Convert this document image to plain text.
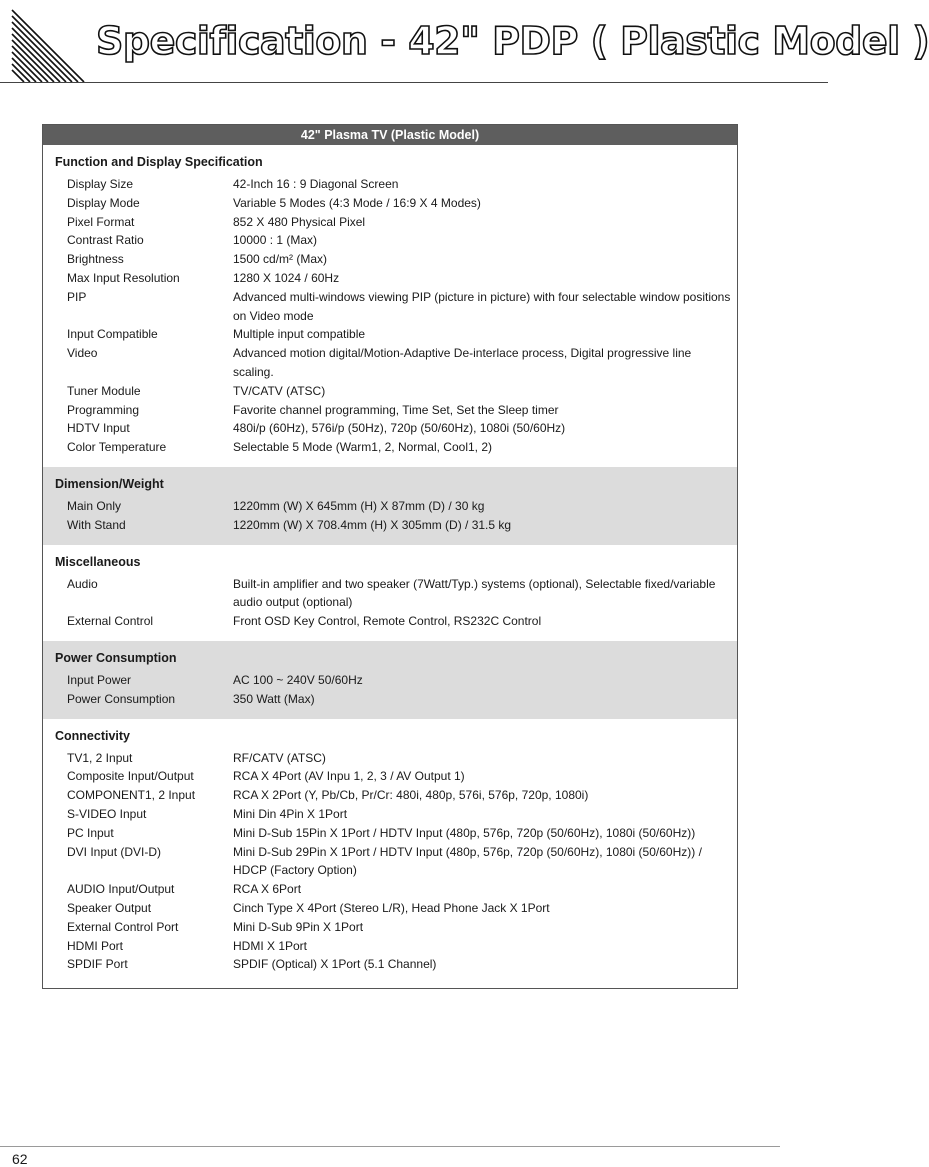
Specification - 42" PDP ( Plastic Model )
42" Plasma TV (Plastic Model)
Function and Display Specification
Display Size	42-Inch 16 : 9 Diagonal Screen
Display Mode	Variable 5 Modes (4:3 Mode / 16:9 X 4 Modes)
Pixel Format	852 X 480 Physical Pixel
Contrast Ratio	10000 : 1 (Max)
Brightness	1500 cd/m² (Max)
Max Input Resolution	1280 X 1024 / 60Hz
PIP	Advanced multi-windows viewing PIP (picture in picture) with four selectable window positions on Video mode
Input Compatible	Multiple input compatible
Video	Advanced motion digital/Motion-Adaptive De-interlace process, Digital progressive line scaling.
Tuner Module	TV/CATV (ATSC)
Programming	Favorite channel programming, Time Set, Set the Sleep timer
HDTV Input	480i/p (60Hz), 576i/p (50Hz), 720p (50/60Hz), 1080i (50/60Hz)
Color Temperature	Selectable 5 Mode (Warm1, 2, Normal, Cool1, 2)
Dimension/Weight
Main Only	1220mm (W) X 645mm (H) X 87mm (D) / 30 kg
With Stand	1220mm (W) X 708.4mm (H) X 305mm (D) / 31.5 kg
Miscellaneous
Audio	Built-in amplifier and two speaker (7Watt/Typ.) systems (optional), Selectable fixed/variable audio output (optional)
External Control	Front OSD Key Control, Remote Control, RS232C Control
Power Consumption
Input Power	AC 100 ~ 240V 50/60Hz
Power Consumption	350 Watt (Max)
Connectivity
TV1, 2 Input	RF/CATV (ATSC)
Composite Input/Output	RCA X 4Port (AV Inpu 1, 2, 3 / AV Output 1)
COMPONENT1, 2 Input	RCA X 2Port (Y, Pb/Cb, Pr/Cr: 480i, 480p, 576i, 576p, 720p, 1080i)
S-VIDEO Input	Mini Din 4Pin X 1Port
PC Input	Mini D-Sub 15Pin X 1Port / HDTV Input (480p, 576p, 720p (50/60Hz), 1080i (50/60Hz))
DVI Input (DVI-D)	Mini D-Sub 29Pin X 1Port / HDTV Input (480p, 576p, 720p (50/60Hz), 1080i (50/60Hz)) / HDCP (Factory Option)
AUDIO Input/Output	RCA X 6Port
Speaker Output	Cinch Type X 4Port (Stereo L/R), Head Phone Jack X 1Port
External Control Port	Mini D-Sub 9Pin X 1Port
HDMI Port	HDMI X 1Port
SPDIF Port	SPDIF (Optical) X 1Port (5.1 Channel)
62
